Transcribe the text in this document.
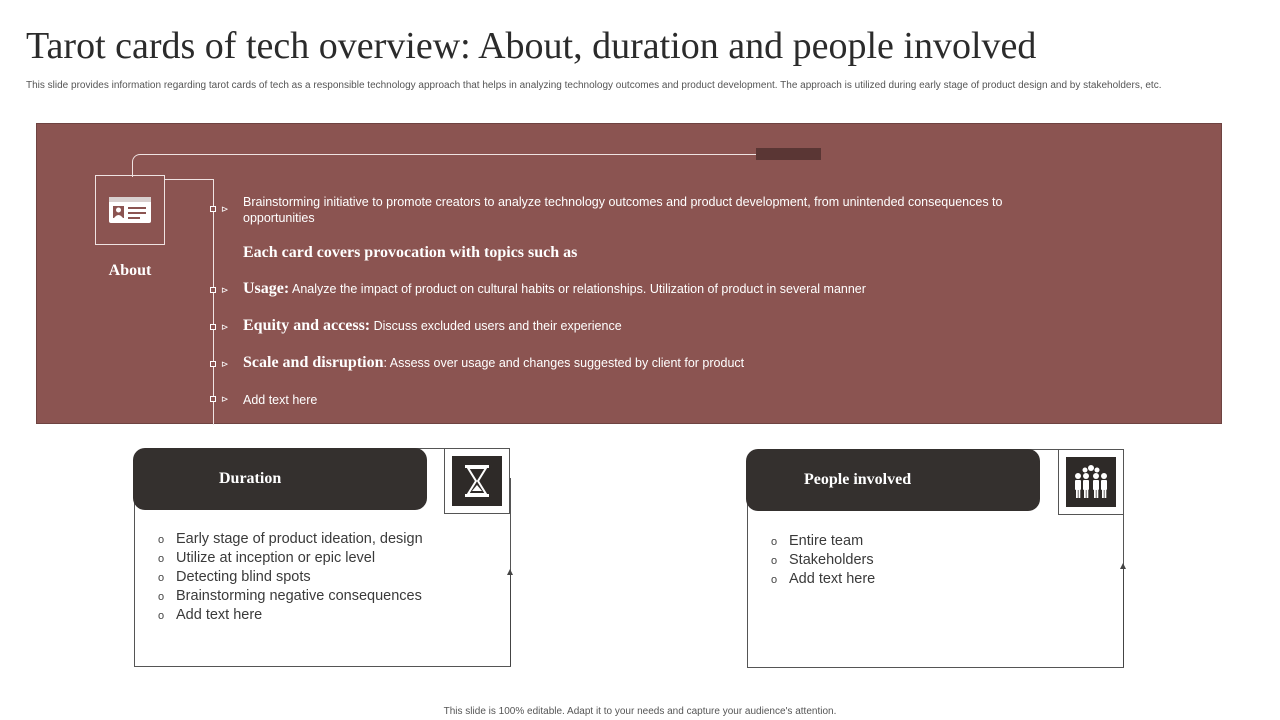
Tarot cards of tech overview: About, duration and people involved
This slide provides information regarding tarot cards of tech as a responsible technology approach that helps in analyzing technology outcomes and product development. The approach is utilized during early stage of product design and by stakeholders, etc.
About
⊳ Brainstorming initiative to promote creators to analyze technology outcomes and product development, from unintended consequences to opportunities
Each card covers provocation with topics such as
⊳ Usage: Analyze the impact of product on cultural habits or relationships. Utilization of product in several manner
⊳ Equity and access: Discuss excluded users and their experience
⊳ Scale and disruption: Assess over usage and changes suggested by client for product
⊳ Add text here
Duration
o Early stage of product ideation, design
o Utilize at inception or epic level
o Detecting blind spots
o Brainstorming negative consequences
o Add text here
People involved
o Entire team
o Stakeholders
o Add text here
This slide is 100% editable. Adapt it to your needs and capture your audience's attention.
